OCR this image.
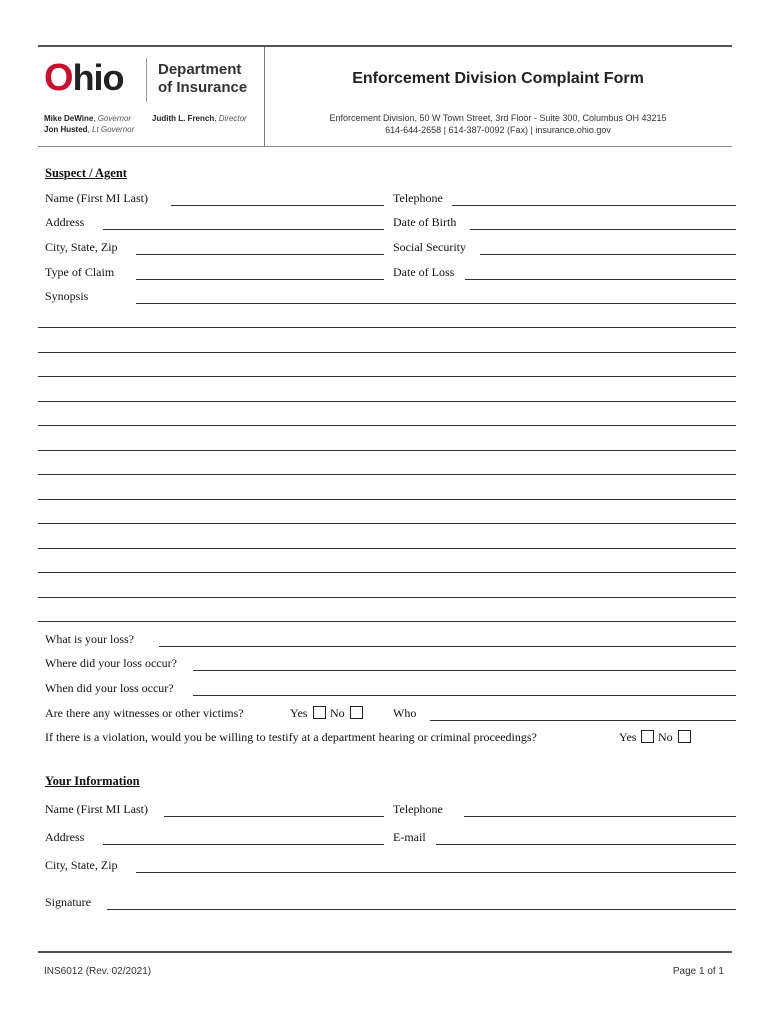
Ohio Department
of Insurance
Mike DeWine, Governor
Jon Husted, Lt Governor
Judith L. French, Director
Enforcement Division Complaint Form
Enforcement Division, 50 W Town Street, 3rd Floor - Suite 300, Columbus OH 43215
614-644-2658 | 614-387-0092 (Fax) | insurance.ohio.gov
Suspect / Agent
Name (First MI Last)	Telephone
Address	Date of Birth
City, State, Zip	Social Security
Type of Claim	Date of Loss
Synopsis
What is your loss?
Where did your loss occur?
When did your loss occur?
Are there any witnesses or other victims?	Yes No	Who
If there is a violation, would you be willing to testify at a department hearing or criminal proceedings?	Yes No
Your Information
Name (First MI Last)	Telephone
Address	E-mail
City, State, Zip
Signature
INS6012 (Rev. 02/2021)	Page 1 of 1
